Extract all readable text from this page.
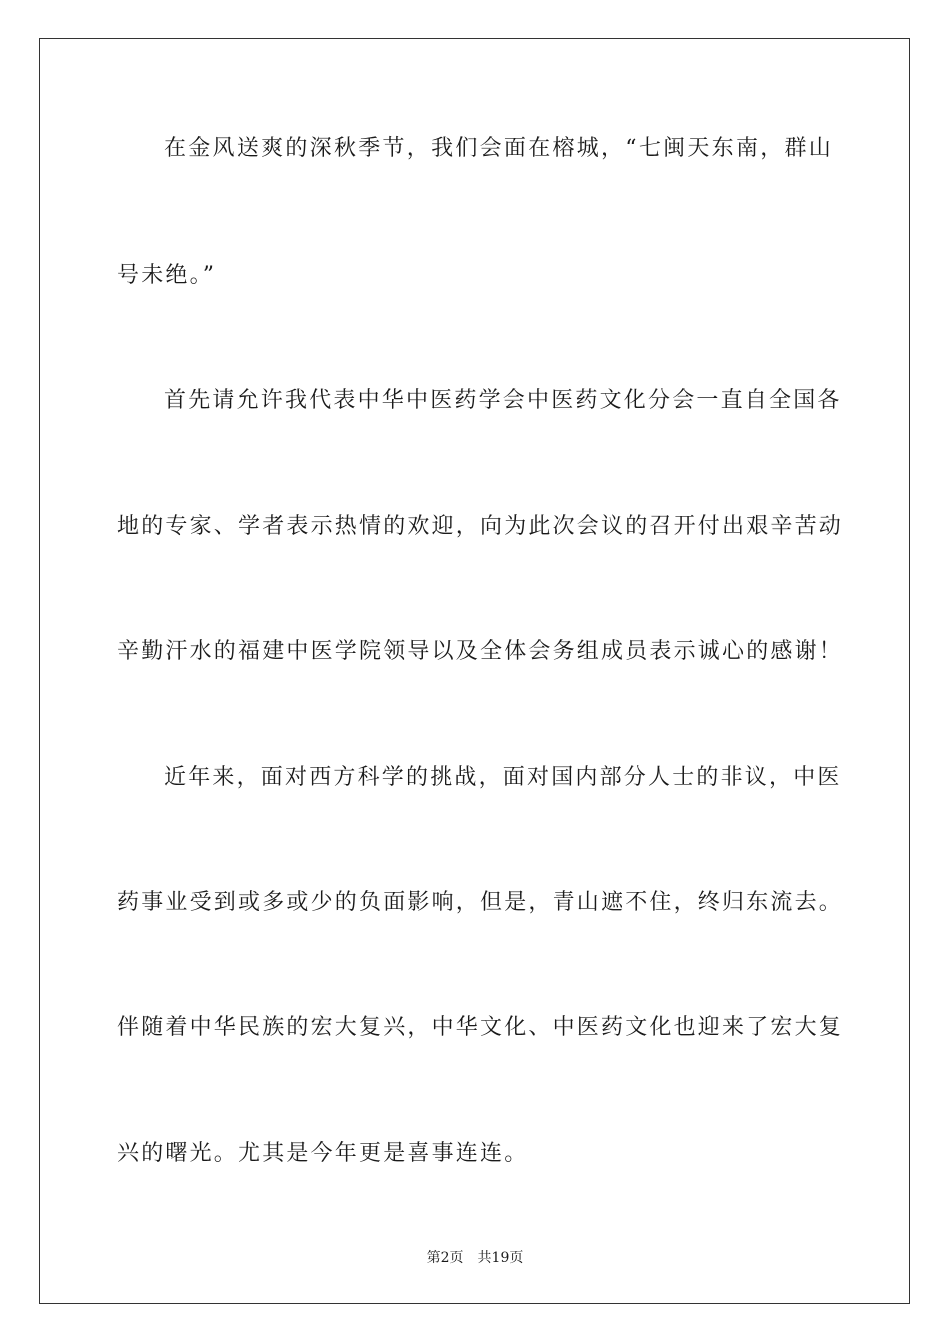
在金风送爽的深秋季节，我们会面在榕城，“七闽天东南，群山
号未绝。”
首先请允许我代表中华中医药学会中医药文化分会一直自全国各
地的专家、学者表示热情的欢迎，向为此次会议的召开付出艰辛苦动
辛勤汗水的福建中医学院领导以及全体会务组成员表示诚心的感谢！
近年来，面对西方科学的挑战，面对国内部分人士的非议，中医
药事业受到或多或少的负面影响，但是，青山遮不住，终归东流去。
伴随着中华民族的宏大复兴，中华文化、中医药文化也迎来了宏大复
兴的曙光。尤其是今年更是喜事连连。
第2页 共19页
